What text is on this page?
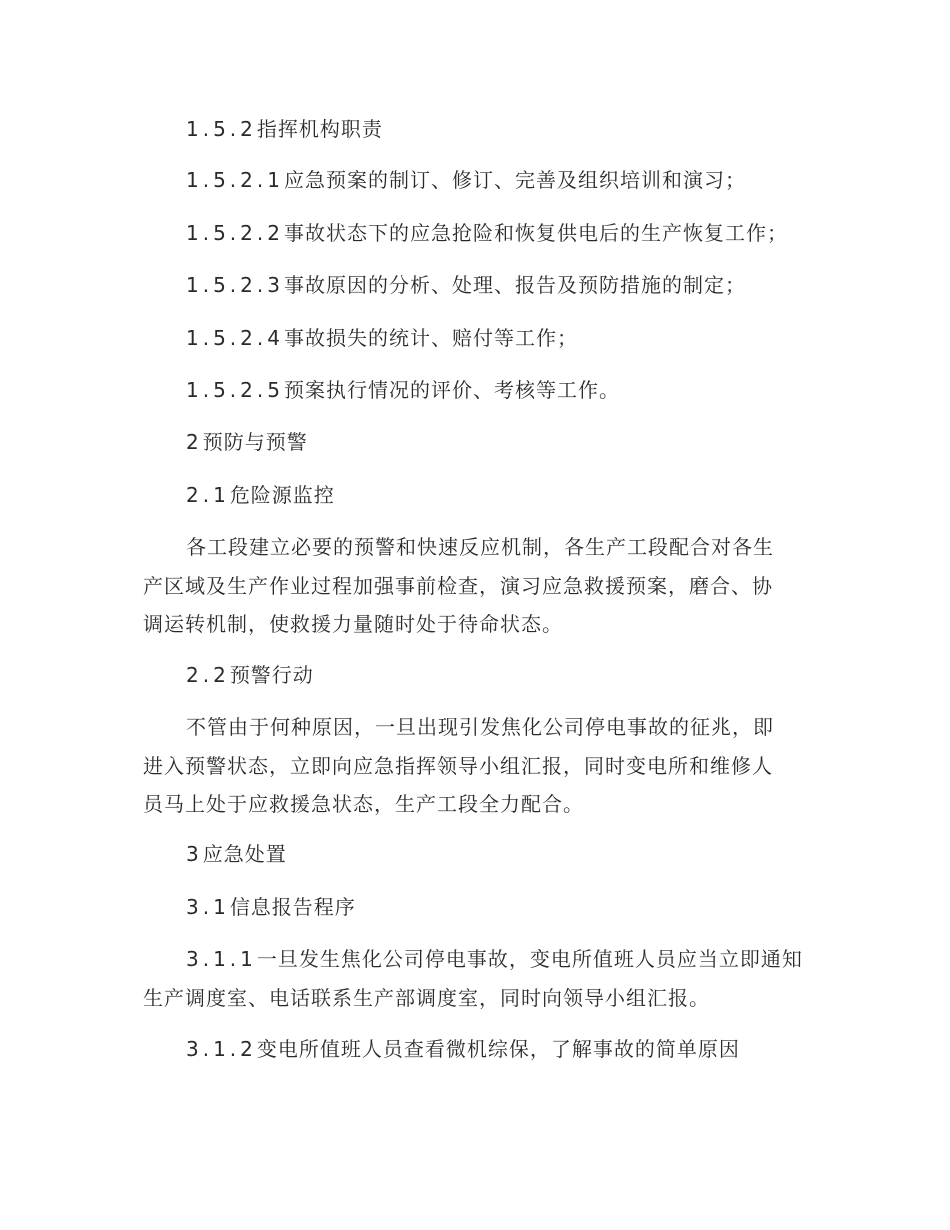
1.5.2指挥机构职责
1.5.2.1应急预案的制订、修订、完善及组织培训和演习；
1.5.2.2事故状态下的应急抢险和恢复供电后的生产恢复工作；
1.5.2.3事故原因的分析、处理、报告及预防措施的制定；
1.5.2.4事故损失的统计、赔付等工作；
1.5.2.5预案执行情况的评价、考核等工作。
2预防与预警
2.1危险源监控
各工段建立必要的预警和快速反应机制，各生产工段配合对各生
产区域及生产作业过程加强事前检查，演习应急救援预案，磨合、协
调运转机制，使救援力量随时处于待命状态。
2.2预警行动
不管由于何种原因，一旦出现引发焦化公司停电事故的征兆，即
进入预警状态，立即向应急指挥领导小组汇报，同时变电所和维修人
员马上处于应救援急状态，生产工段全力配合。
3应急处置
3.1信息报告程序
3.1.1一旦发生焦化公司停电事故，变电所值班人员应当立即通知
生产调度室、电话联系生产部调度室，同时向领导小组汇报。
3.1.2变电所值班人员查看微机综保，了解事故的简单原因
